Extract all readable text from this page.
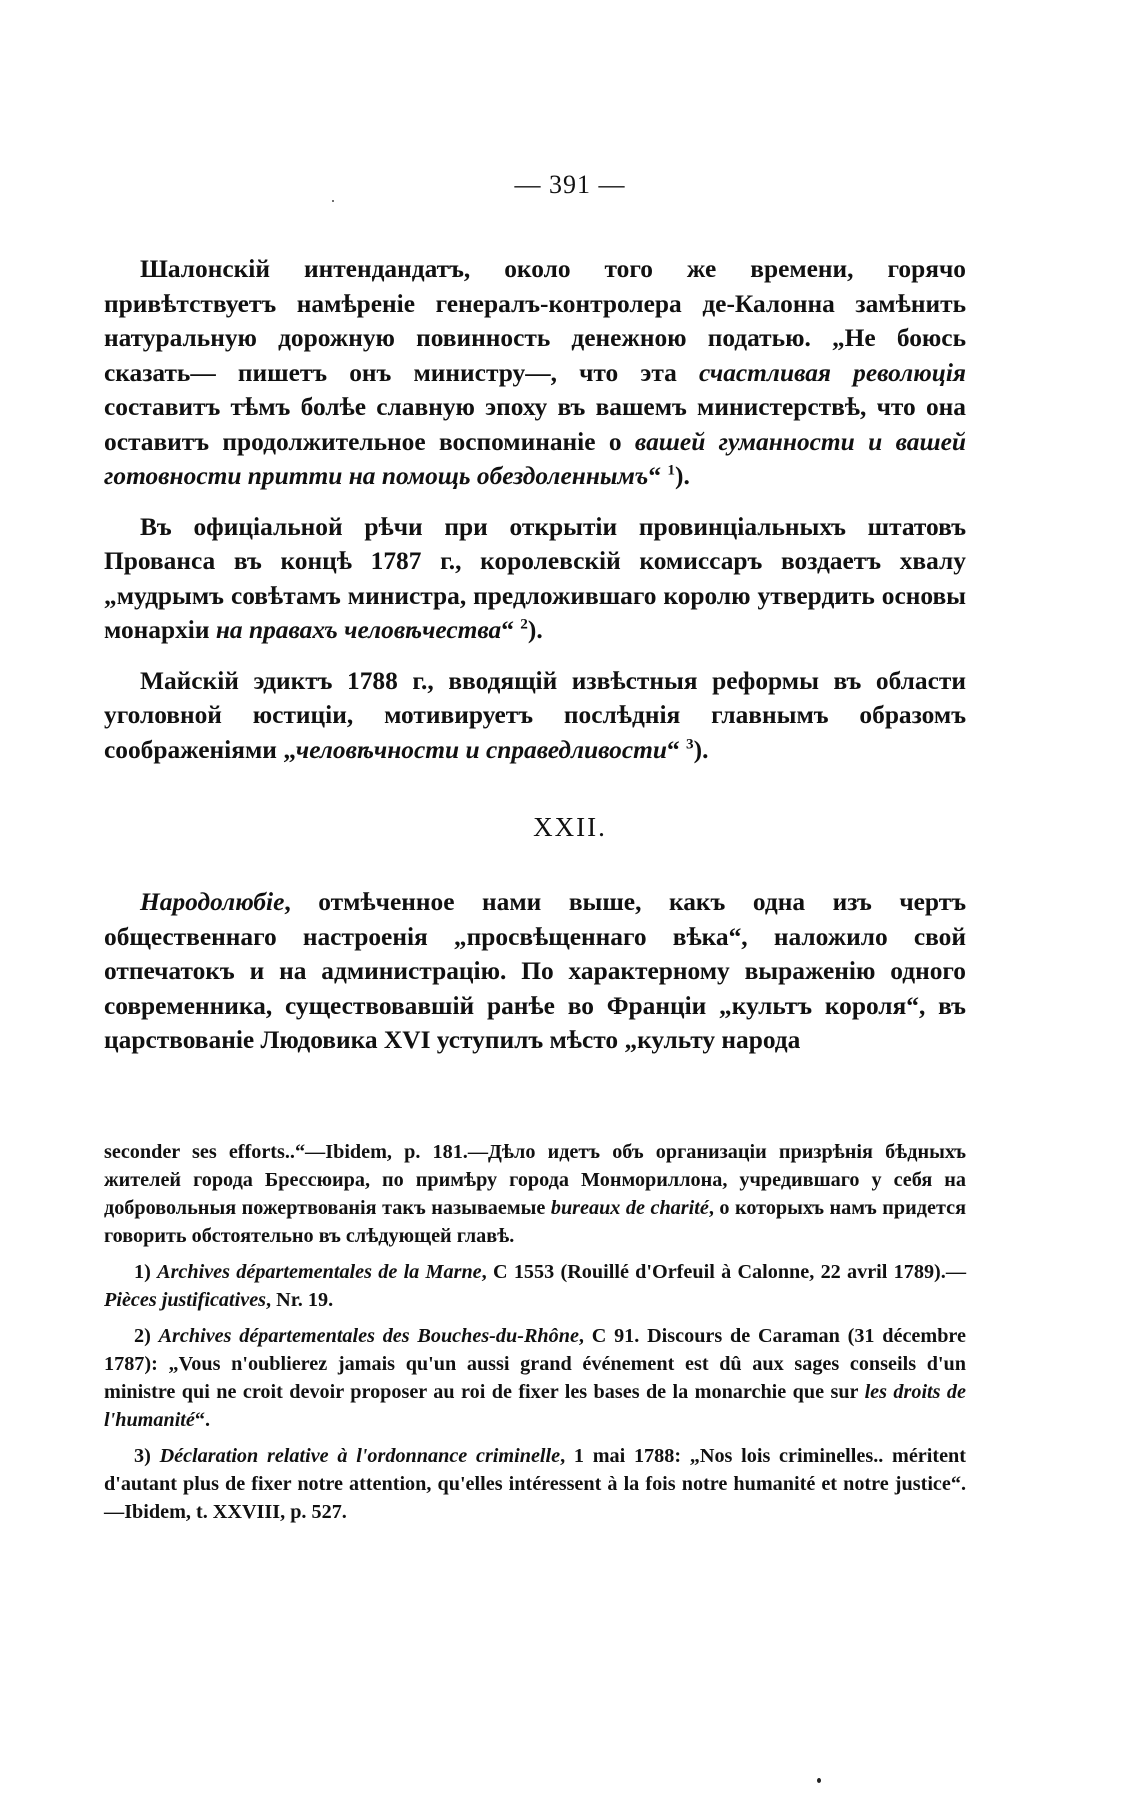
— 391 —

Шалонскій интендандатъ, около того же времени, горячо привѣтствуетъ намѣреніе генералъ-контролера де-Калонна замѣнить натуральную дорожную повинность денежною податью. „Не боюсь сказать— пишетъ онъ министру—, что эта счастливая революція составитъ тѣмъ болѣе славную эпоху въ вашемъ министерствѣ, что она оставитъ продолжительное воспоминаніе о вашей гуманности и вашей готовности притти на помощь обездоленнымъ“ $^1$).

Въ офиціальной рѣчи при открытіи провинціальныхъ штатовъ Прованса въ концѣ 1787 г., королевскій комиссаръ воздаетъ хвалу „мудрымъ совѣтамъ министра, предложившаго королю утвердить основы монархіи на правахъ человѣчества“ $^2$).

Майскій эдиктъ 1788 г., вводящій извѣстныя реформы въ области уголовной юстиціи, мотивируетъ послѣднія главнымъ образомъ соображеніями „человѣчности и справедливости“ $^3$).

XXII.

Народолюбіе, отмѣченное нами выше, какъ одна изъ чертъ общественнаго настроенія „просвѣщеннаго вѣка“, наложило свой отпечатокъ и на администрацію. По характерному выраженію одного современника, существовавшій ранѣе во Франціи „культъ короля“, въ царствованіе Людовика XVI уступилъ мѣсто „культу народа

seconder ses efforts..“—Ibidem, p. 181.—Дѣло идетъ объ организаціи призрѣнія бѣдныхъ жителей города Брессюира, по примѣру города Монмориллона, учредившаго у себя на добровольныя пожертвованія такъ называемые bureaux de charité, о которыхъ намъ придется говорить обстоятельно въ слѣдующей главѣ.

1) Archives départementales de la Marne, C 1553 (Rouillé d'Orfeuil à Calonne, 22 avril 1789).—Pièces justificatives, Nr. 19.

2) Archives départementales des Bouches-du-Rhône, C 91. Discours de Caraman (31 décembre 1787): „Vous n'oublierez jamais qu'un aussi grand événement est dû aux sages conseils d'un ministre qui ne croit devoir proposer au roi de fixer les bases de la monarchie que sur les droits de l'humanité“.

3) Déclaration relative à l'ordonnance criminelle, 1 mai 1788: „Nos lois criminelles.. méritent d'autant plus de fixer notre attention, qu'elles intéressent à la fois notre humanité et notre justice“.—Ibidem, t. XXVIII, p. 527.
